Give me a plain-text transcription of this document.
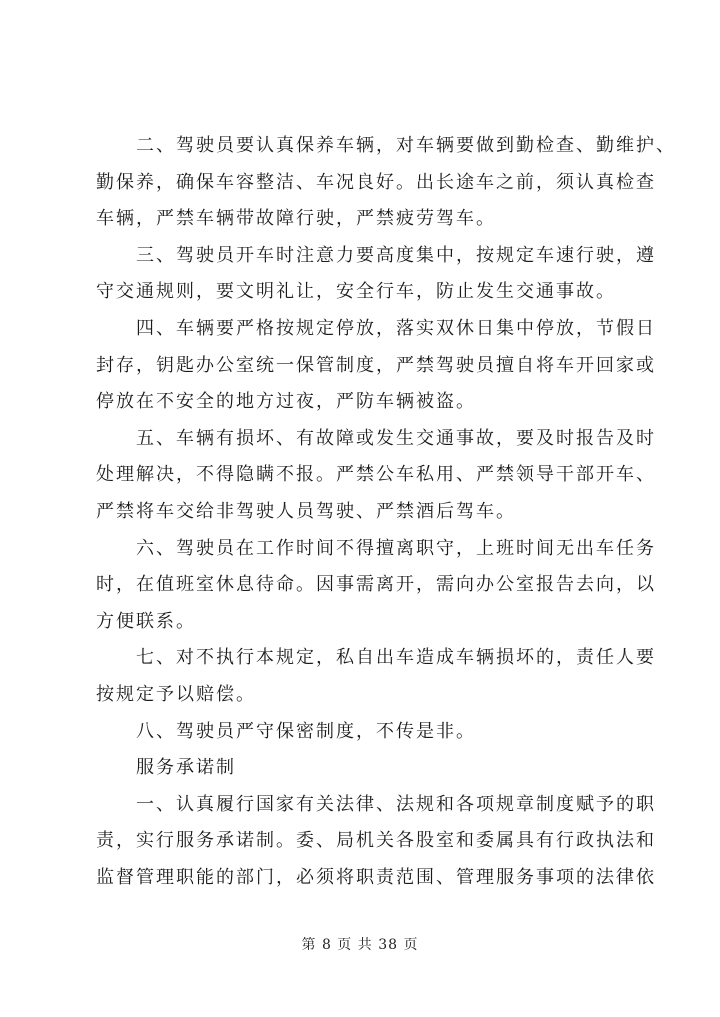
二、驾驶员要认真保养车辆，对车辆要做到勤检查、勤维护、
勤保养，确保车容整洁、车况良好。出长途车之前，须认真检查
车辆，严禁车辆带故障行驶，严禁疲劳驾车。
三、驾驶员开车时注意力要高度集中，按规定车速行驶，遵
守交通规则，要文明礼让，安全行车，防止发生交通事故。
四、车辆要严格按规定停放，落实双休日集中停放，节假日
封存，钥匙办公室统一保管制度，严禁驾驶员擅自将车开回家或
停放在不安全的地方过夜，严防车辆被盗。
五、车辆有损坏、有故障或发生交通事故，要及时报告及时
处理解决，不得隐瞒不报。严禁公车私用、严禁领导干部开车、
严禁将车交给非驾驶人员驾驶、严禁酒后驾车。
六、驾驶员在工作时间不得擅离职守，上班时间无出车任务
时，在值班室休息待命。因事需离开，需向办公室报告去向，以
方便联系。
七、对不执行本规定，私自出车造成车辆损坏的，责任人要
按规定予以赔偿。
八、驾驶员严守保密制度，不传是非。
服务承诺制
一、认真履行国家有关法律、法规和各项规章制度赋予的职
责，实行服务承诺制。委、局机关各股室和委属具有行政执法和
监督管理职能的部门，必须将职责范围、管理服务事项的法律依
第 8 页 共 38 页
